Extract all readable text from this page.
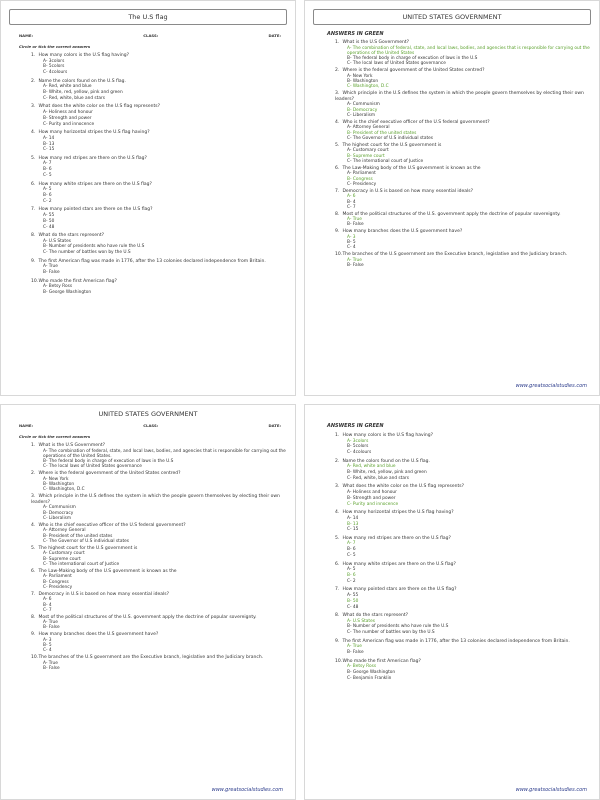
The U.S flag
NAME:	CLASS:	DATE:
Circle or tick the correct answers
1. How many colors is the U.S flag having?
A- 3colors
B- 5colors
C- 4colours
2. Name the colors found on the U.S flag.
A- Red, white and blue
B- White, red, yellow, pink and green
C- Red, white, blue and stars
3. What does the white color on the U.S flag represents?
A- Holiness and honour
B- Strength and power
C- Purity and innocence
4. How many horizontal stripes the U.S flag having?
A- 14
B- 13
C- 15
5. How many red stripes are there on the U.S flag?
A- 7
B- 6
C- 5
6. How many white stripes are there on the U.S flag?
A- 5
B- 6
C- 2
7. How many pointed stars are there on the U.S flag?
A- 55
B- 50
C- 48
8. What do the stars represent?
A- U.S States
B- Number of presidents who have rule the U.S
C- The number of battles won by the U.S
9. The first American flag was made in 1776, after the 13 colonies declared independence from Britain.
A- True
B- False
10. Who made the first American flag?
A- Betsy Ross
B- George Washington
UNITED STATES GOVERNMENT
ANSWERS IN GREEN
1. What is the U.S Government?
A- The combination of federal, state, and local laws, bodies, and agencies that is responsible for carrying out the operations of the United States
B- The federal body in charge of execution of laws in the U.S
C- The local laws of United States governance
2. Where is the federal government of the United States centred?
A- New York
B- Washington
C- Washington, D.C
3. Which principle in the U.S defines the system in which the people govern themselves by electing their own leaders?
A- Communism
B- Democracy
C- Liberalism
4. Who is the chief executive officer of the U.S federal government?
A- Attorney General
B- President of the united states
C- The Governor of U.S individual states
5. The highest court for the U.S government is
A- Customary court
B- Supreme court
C- The international court of Justice
6. The Law-Making body of the U.S government is known as the
A- Parliament
B- Congress
C- Presidency
7. Democracy in U.S is based on how many essential ideals?
A- 6
B- 4
C- 7
8. Most of the political structures of the U.S. government apply the doctrine of popular sovereignty.
A- True
B- False
9. How many branches does the U.S government have?
A- 3
B- 5
C- 4
10. The branches of the U.S government are the Executive branch, legislative and the Judiciary branch.
A- True
B- False
www.greatsocialstudies.com
UNITED STATES GOVERNMENT
NAME:	CLASS:	DATE:
Circle or tick the correct answers
1. What is the U.S Government?
A- The combination of federal, state, and local laws, bodies, and agencies that is responsible for carrying out the operations of the United States.
B- The federal body in charge of execution of laws in the U.S
C- The local laws of United States governance
2. Where is the federal government of the United States centred?
A- New York
B- Washington
C- Washington, D.C
3. Which principle in the U.S defines the system in which the people govern themselves by electing their own leaders?
A- Communism
B- Democracy
C- Liberalism
4. Who is the chief executive officer of the U.S federal government?
A- Attorney General
B- President of the united states
C- The Governor of U.S individual states
5. The highest court for the U.S government is
A- Customary court
B- Supreme court
C- The international court of Justice
6. The Law-Making body of the U.S government is known as the
A- Parliament
B- Congress
C- Presidency
7. Democracy in U.S is based on how many essential ideals?
A- 6
B- 4
C- 7
8. Most of the political structures of the U.S. government apply the doctrine of popular sovereignty.
A- True
B- False
9. How many branches does the U.S government have?
A- 3
B- 5
C- 4
10. The branches of the U.S government are the Executive branch, legislative and the Judiciary branch.
A- True
B- False
www.greatsocialstudies.com
ANSWERS IN GREEN
1. How many colors is the U.S flag having?
A- 3colors
B- 5colors
C- 4colours
2. Name the colors found on the U.S flag.
A- Red, white and blue
B- White, red, yellow, pink and green
C- Red, white, blue and stars
3. What does the white color on the U.S flag represents?
A- Holiness and honour
B- Strength and power
C- Purity and innocence
4. How many horizontal stripes the U.S flag having?
A- 14
B- 13
C- 15
5. How many red stripes are there on the U.S flag?
A- 7
B- 6
C- 5
6. How many white stripes are there on the U.S flag?
A- 5
B- 6
C- 2
7. How many pointed stars are there on the U.S flag?
A- 55
B- 50
C- 48
8. What do the stars represent?
A- U.S States
B- Number of presidents who have rule the U.S
C- The number of battles won by the U.S
9. The first American flag was made in 1776, after the 13 colonies declared independence from Britain.
A- True
B- False
10. Who made the first American flag?
A- Betsy Ross
B- George Washington
C- Benjamin Franklin
www.greatsocialstudies.com
